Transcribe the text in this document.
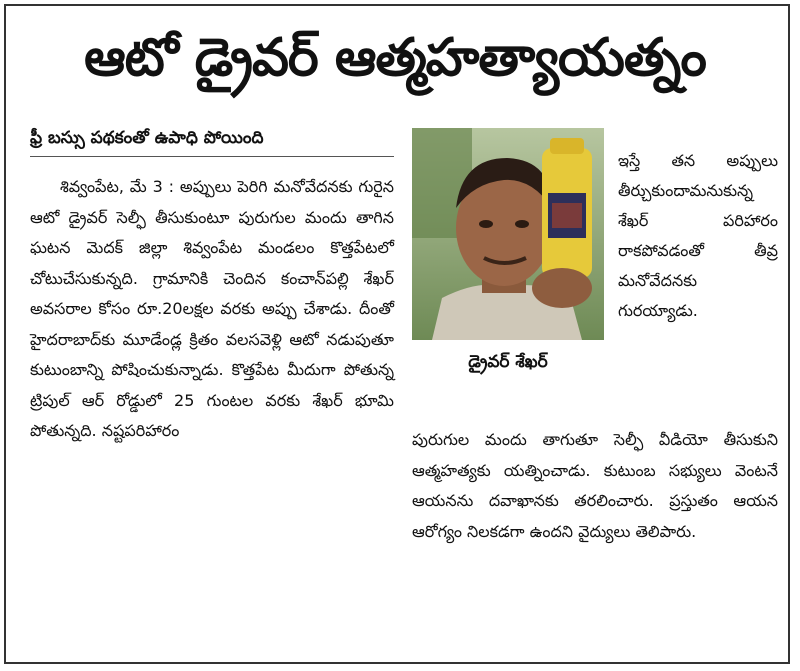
ఆటో డ్రైవర్ ఆత్మహత్యాయత్నం
ఫ్రీ బస్సు పథకంతో ఉపాధి పోయింది

శివ్వంపేట, మే 3 : అప్పులు పెరిగి మనోవేదనకు గురైన ఆటో డ్రైవర్ సెల్ఫీ తీసుకుంటూ పురుగుల మందు తాగిన ఘటన మెదక్ జిల్లా శివ్వంపేట మండలం కొత్తపేటలో చోటుచేసుకున్నది. గ్రామానికి చెందిన కంచాన్‌పల్లి శేఖర్ అవసరాల కోసం రూ.20లక్షల వరకు అప్పు చేశాడు. దీంతో హైదరాబాద్‌కు మూడేండ్ల క్రితం వలసవెళ్లి ఆటో నడుపుతూ కుటుంబాన్ని పోషించుకున్నాడు. కొత్తపేట మీదుగా పోతున్న ట్రిపుల్ ఆర్ రోడ్డులో 25 గుంటల వరకు శేఖర్ భూమి పోతున్నది. నష్టపరిహారం

డ్రైవర్ శేఖర్

ఇస్తే తన అప్పులు తీర్చుకుందామనుకున్న శేఖర్ పరిహారం రాకపోవడంతో తీవ్ర మనోవేదనకు గురయ్యాడు.

పురుగుల మందు తాగుతూ సెల్ఫీ వీడియో తీసుకుని ఆత్మహత్యకు యత్నించాడు. కుటుంబ సభ్యులు వెంటనే ఆయనను దవాఖానకు తరలించారు. ప్రస్తుతం ఆయన ఆరోగ్యం నిలకడగా ఉందని వైద్యులు తెలిపారు.
